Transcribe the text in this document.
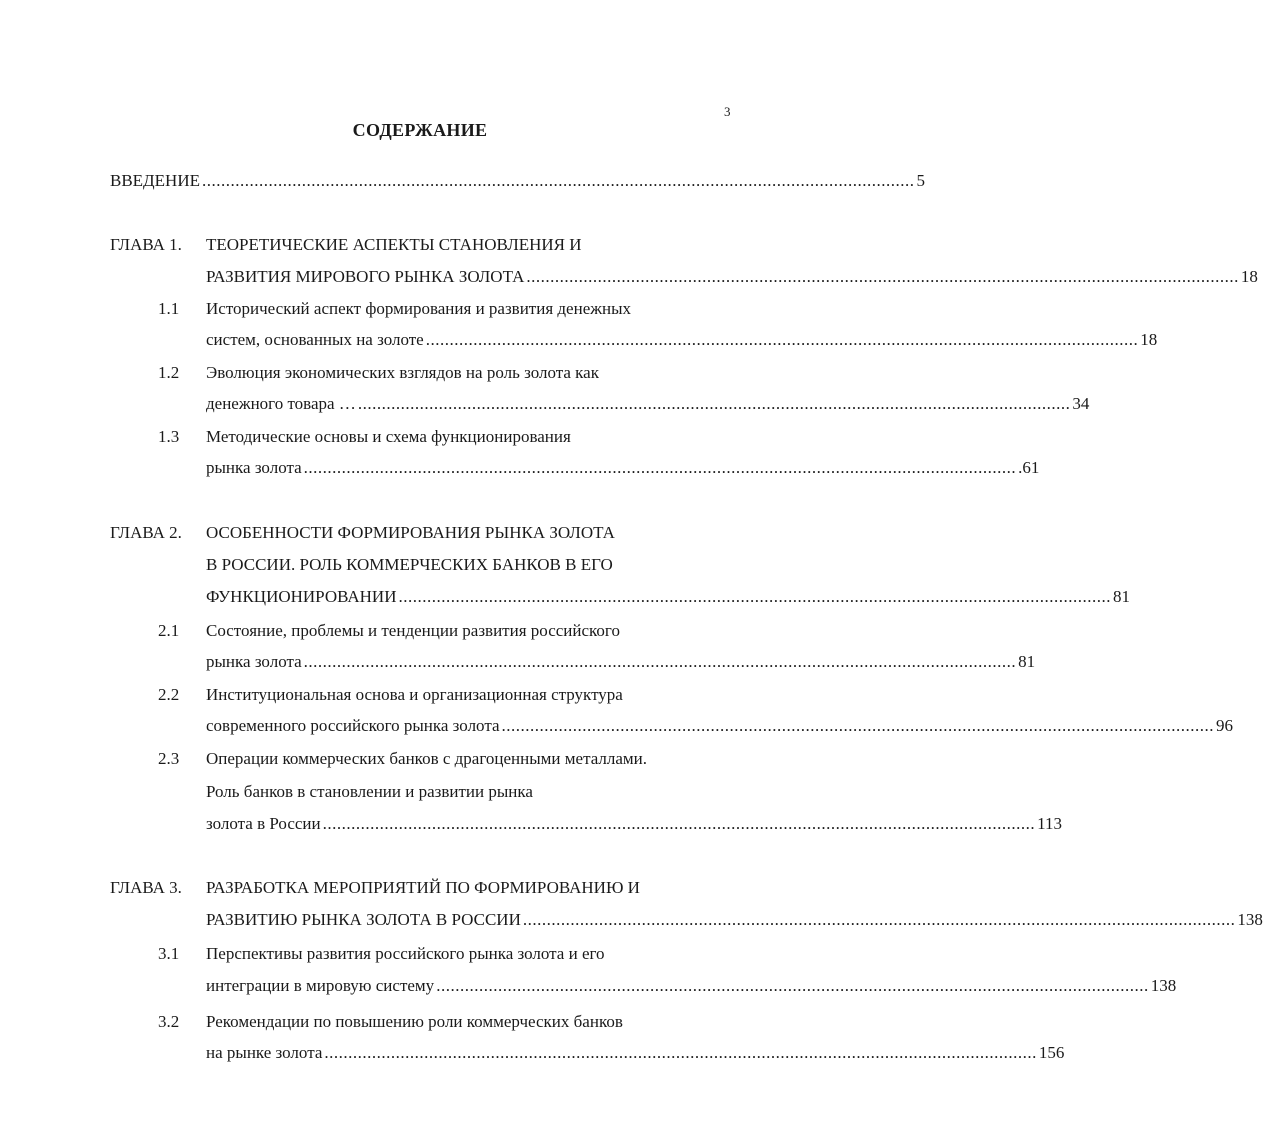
3
СОДЕРЖАНИЕ
ВВЕДЕНИЕ ...................................................................................................................................................... 5
ГЛАВА 1. ТЕОРЕТИЧЕСКИЕ АСПЕКТЫ СТАНОВЛЕНИЯ И
РАЗВИТИЯ МИРОВОГО РЫНКА ЗОЛОТА ...................................................................................................................................................... 18
1.1 Исторический аспект формирования и развития денежных
систем, основанных на золоте ...................................................................................................................................................... 18
1.2 Эволюция экономических взглядов на роль золота как
денежного товара … ...................................................................................................................................................... 34
1.3 Методические основы и схема функционирования
рынка золота ...................................................................................................................................................... .61
ГЛАВА 2. ОСОБЕННОСТИ ФОРМИРОВАНИЯ РЫНКА ЗОЛОТА
В РОССИИ. РОЛЬ КОММЕРЧЕСКИХ БАНКОВ В ЕГО
ФУНКЦИОНИРОВАНИИ ...................................................................................................................................................... 81
2.1 Состояние, проблемы и тенденции развития российского
рынка золота ...................................................................................................................................................... 81
2.2 Институциональная основа и организационная структура
современного российского рынка золота ...................................................................................................................................................... 96
2.3 Операции коммерческих банков с драгоценными металлами.
Роль банков в становлении и развитии рынка
золота в России ...................................................................................................................................................... 113
ГЛАВА 3. РАЗРАБОТКА МЕРОПРИЯТИЙ ПО ФОРМИРОВАНИЮ И
РАЗВИТИЮ РЫНКА ЗОЛОТА В РОССИИ ...................................................................................................................................................... 138
3.1 Перспективы развития российского рынка золота и его
интеграции в мировую систему ...................................................................................................................................................... 138
3.2 Рекомендации по повышению роли коммерческих банков
на рынке золота ...................................................................................................................................................... 156
